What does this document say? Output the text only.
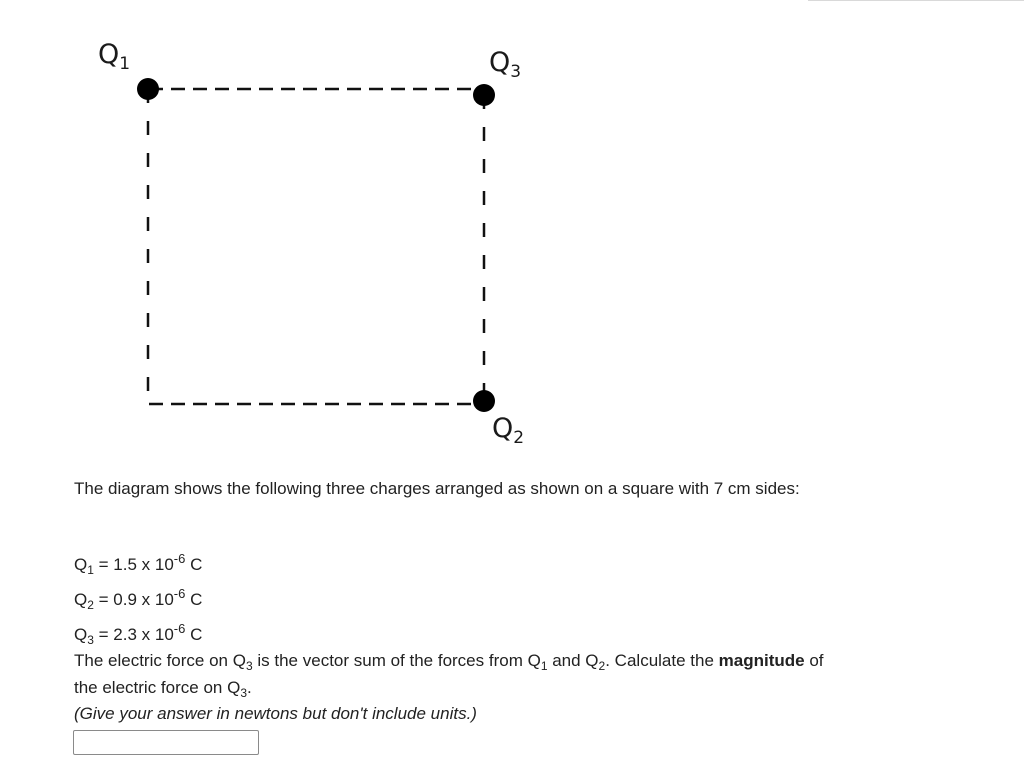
$Q_1$	$Q_3$
$Q_2$
The diagram shows the following three charges arranged as shown on a square with 7 cm sides:
$Q_1 = 1.5$ x $10^{-6}$ C
$Q_2 = 0.9$ x $10^{-6}$ C
$Q_3 = 2.3$ x $10^{-6}$ C
The electric force on $Q_3$ is the vector sum of the forces from $Q_1$ and $Q_2$. Calculate the magnitude of the electric force on $Q_3$.
(Give your answer in newtons but don't include units.)
